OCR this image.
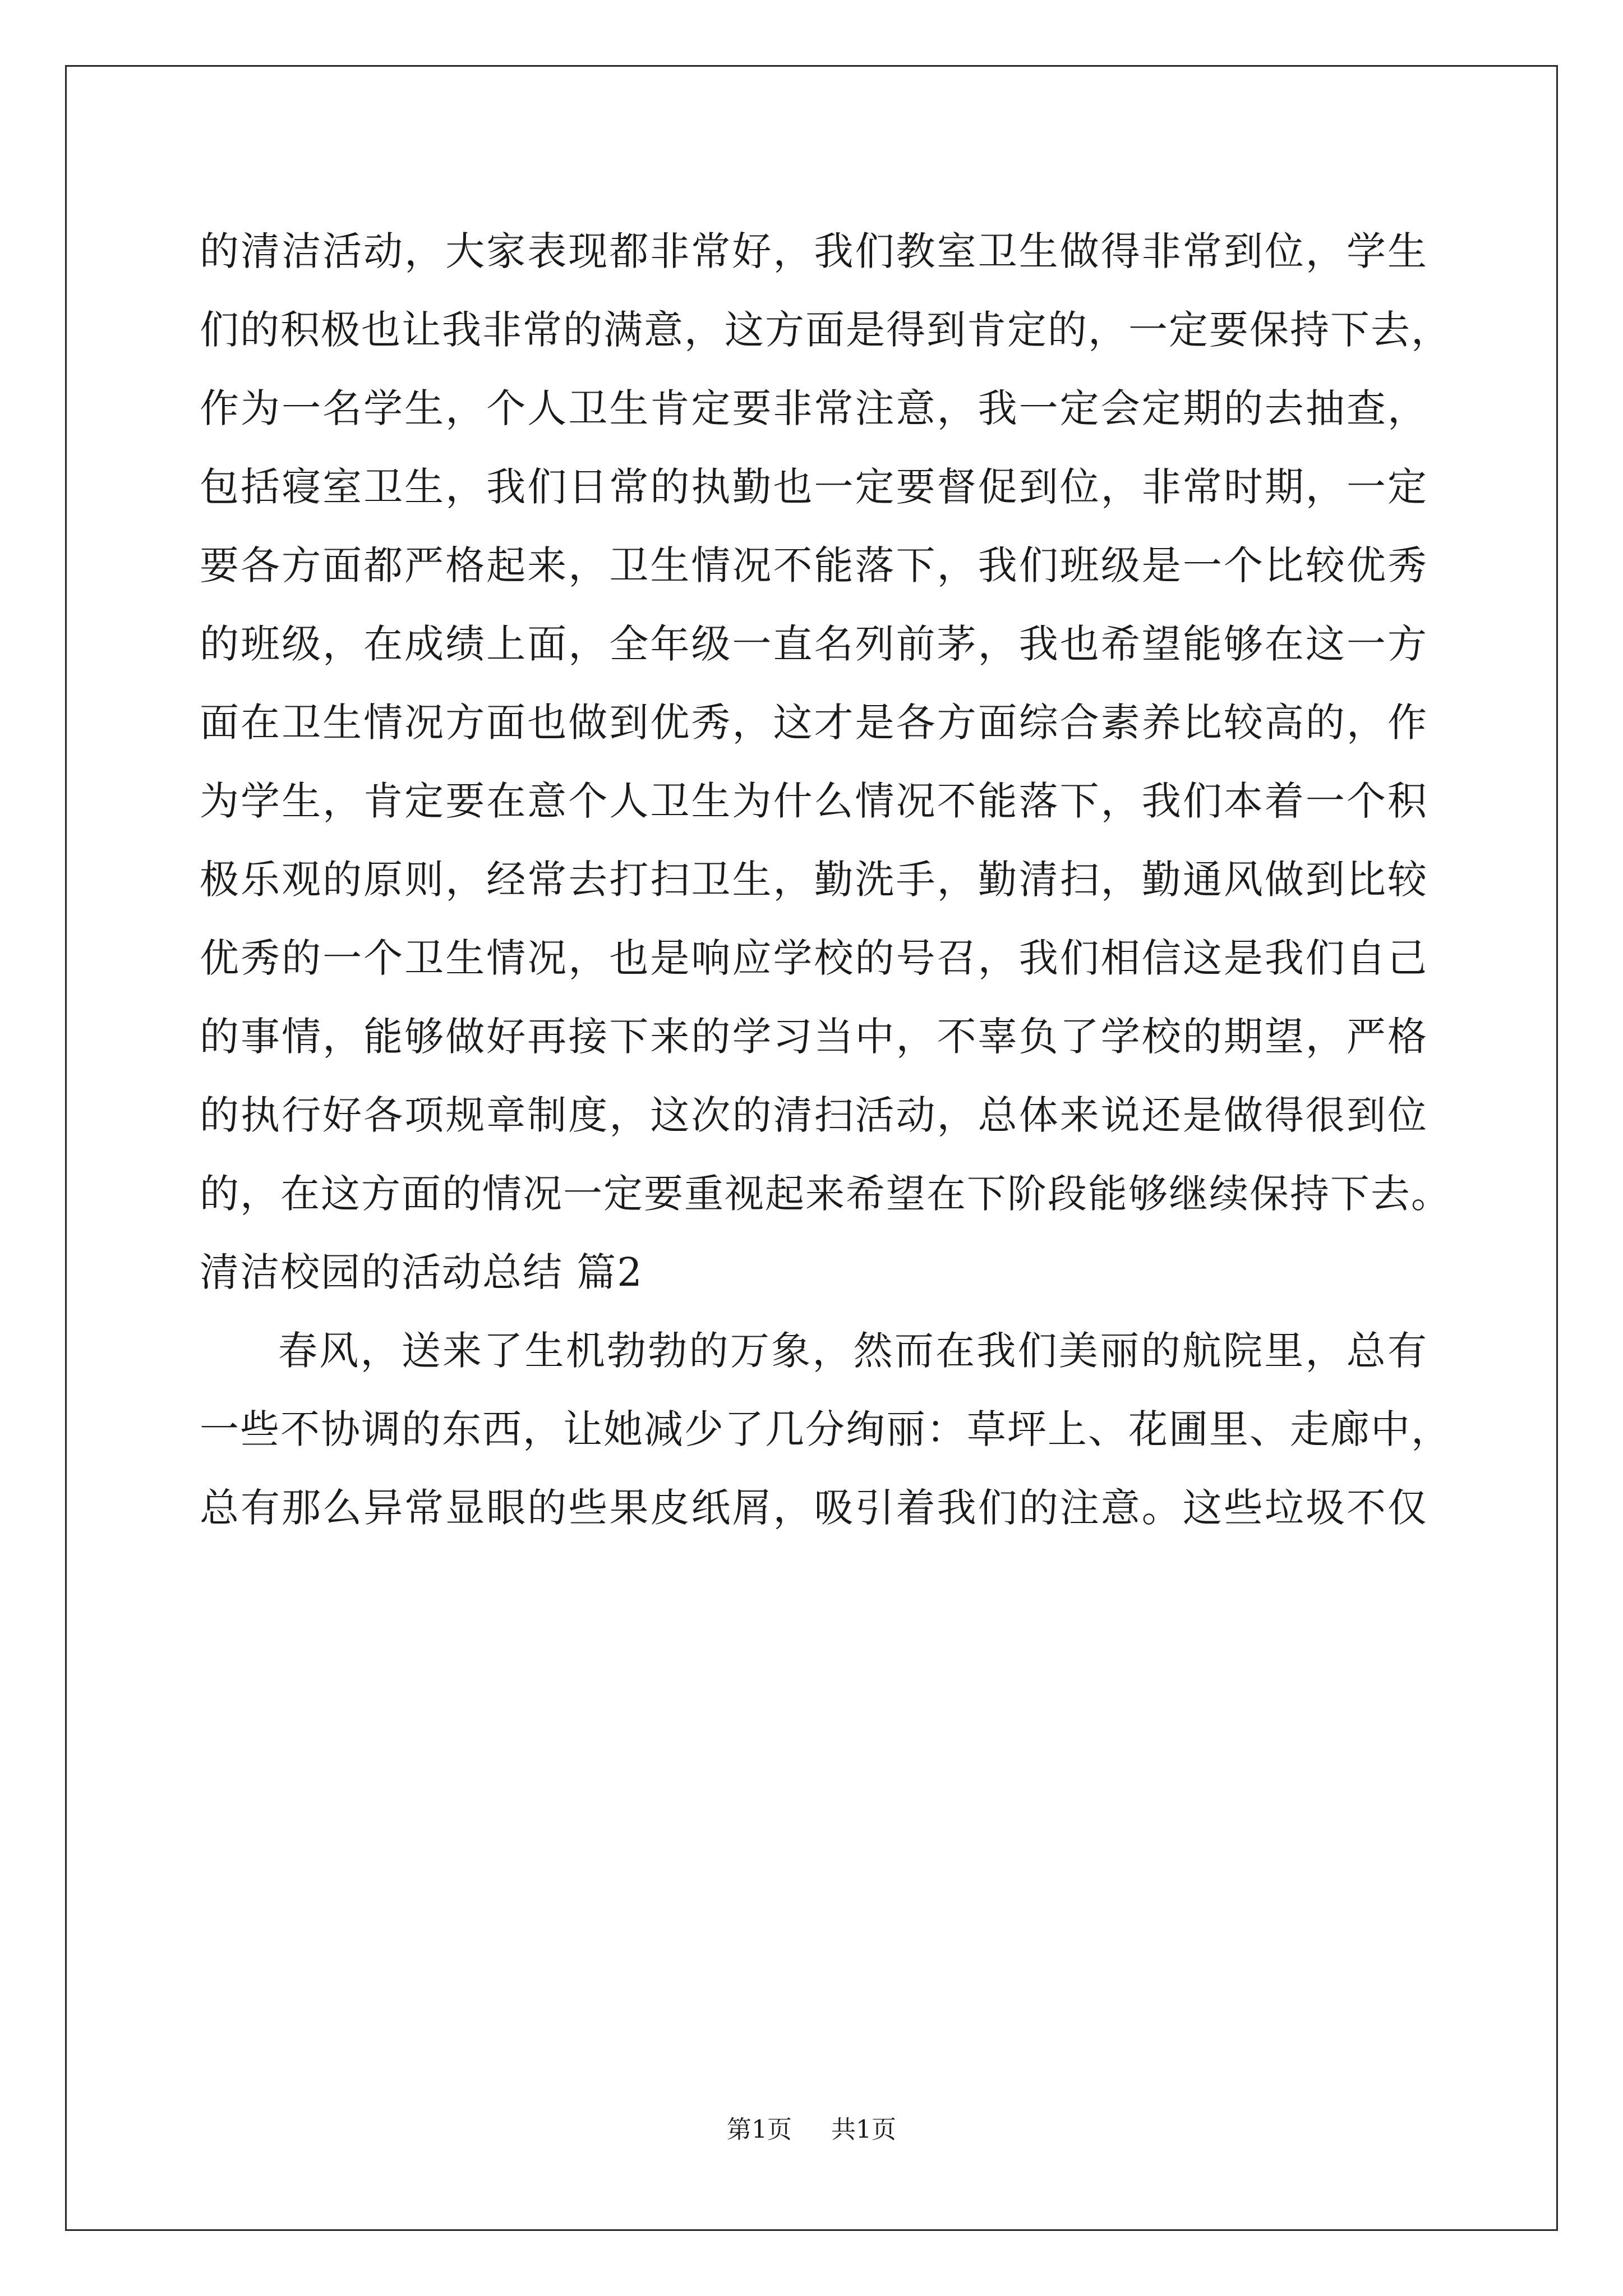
的清洁活动，大家表现都非常好，我们教室卫生做得非常到位，学生
们的积极也让我非常的满意，这方面是得到肯定的，一定要保持下去，
作为一名学生，个人卫生肯定要非常注意，我一定会定期的去抽查，
包括寝室卫生，我们日常的执勤也一定要督促到位，非常时期，一定
要各方面都严格起来，卫生情况不能落下，我们班级是一个比较优秀
的班级，在成绩上面，全年级一直名列前茅，我也希望能够在这一方
面在卫生情况方面也做到优秀，这才是各方面综合素养比较高的，作
为学生，肯定要在意个人卫生为什么情况不能落下，我们本着一个积
极乐观的原则，经常去打扫卫生，勤洗手，勤清扫，勤通风做到比较
优秀的一个卫生情况，也是响应学校的号召，我们相信这是我们自己
的事情，能够做好再接下来的学习当中，不辜负了学校的期望，严格
的执行好各项规章制度，这次的清扫活动，总体来说还是做得很到位
的，在这方面的情况一定要重视起来希望在下阶段能够继续保持下去。
清洁校园的活动总结 篇2
春风，送来了生机勃勃的万象，然而在我们美丽的航院里，总有
一些不协调的东西，让她减少了几分绚丽：草坪上、花圃里、走廊中，
总有那么异常显眼的些果皮纸屑，吸引着我们的注意。这些垃圾不仅
第1页 共1页
